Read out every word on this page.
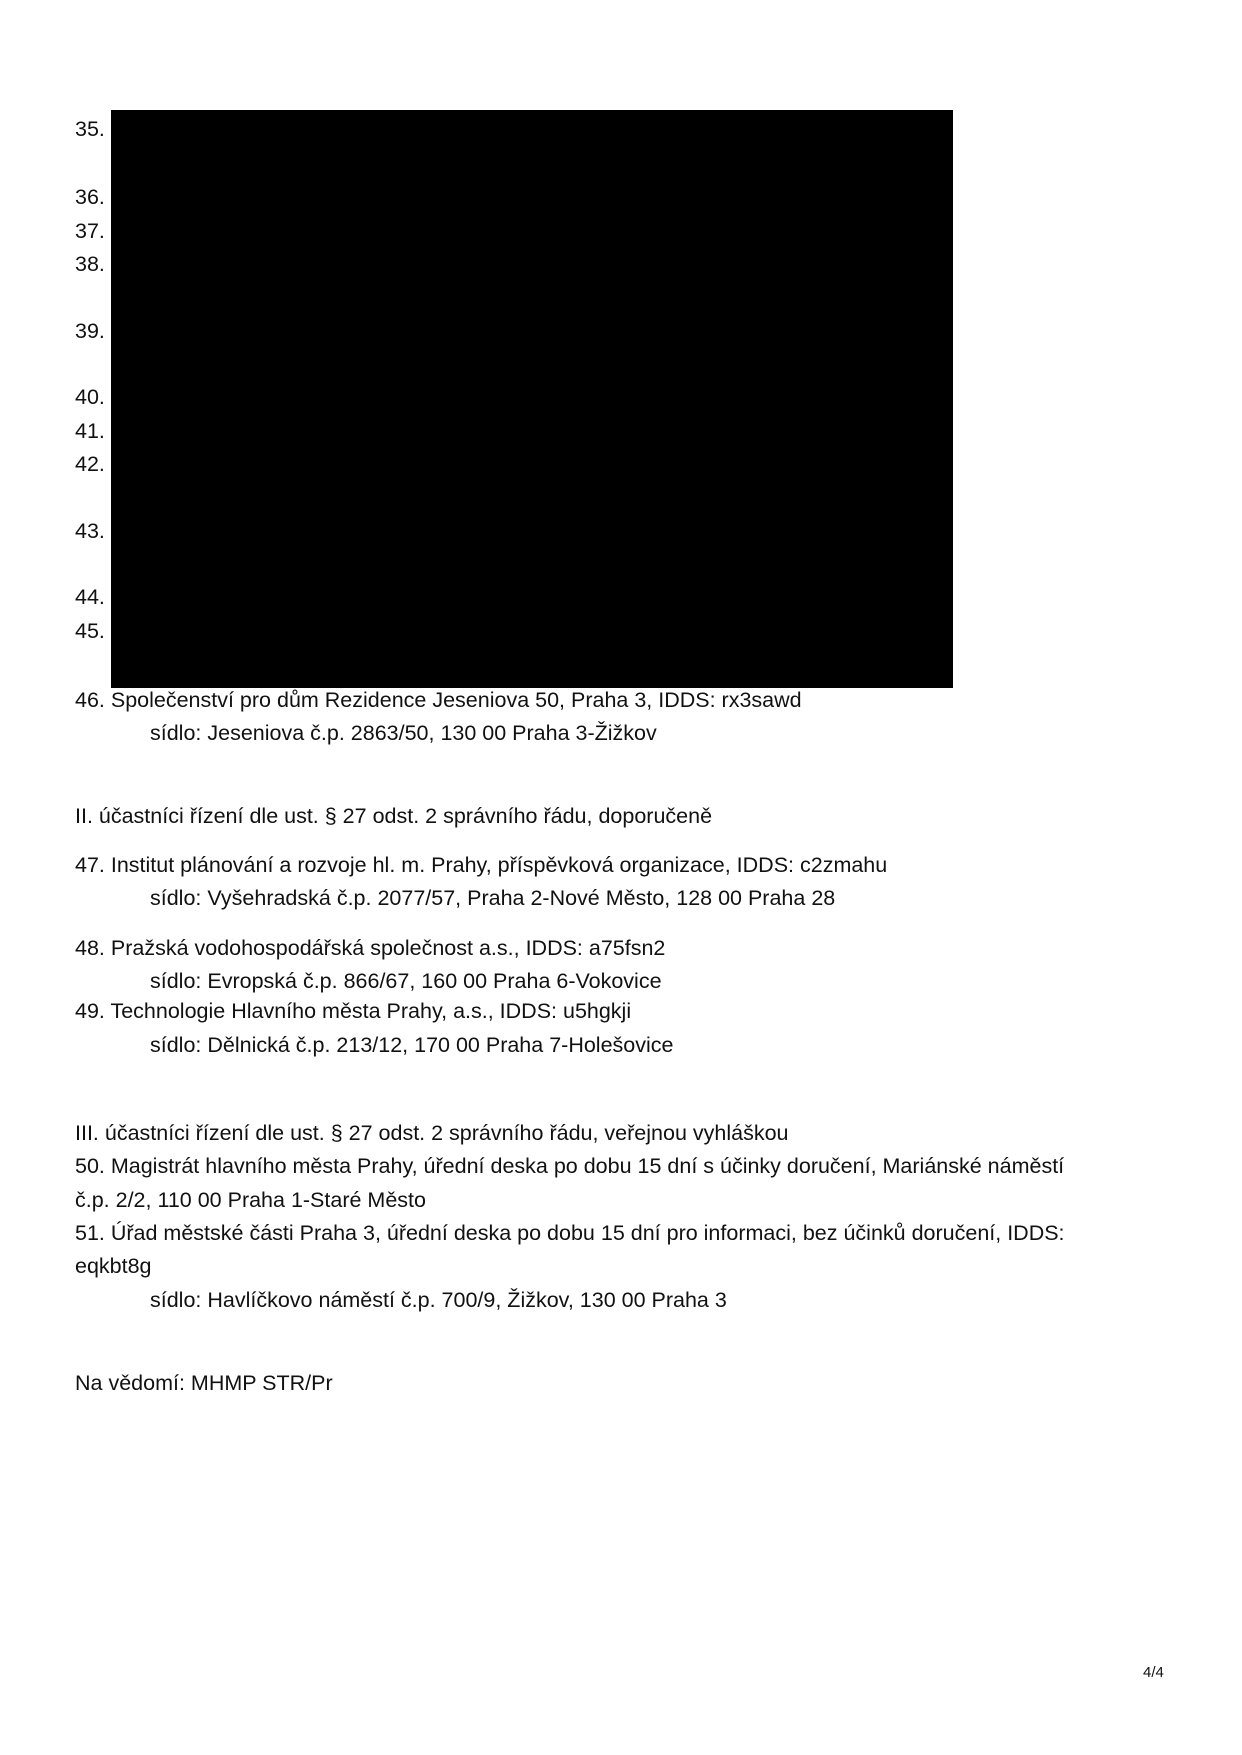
35.
36.
37.
38.
39.
40.
41.
42.
43.
44.
45.
46. Společenství pro dům Rezidence Jeseniova 50, Praha 3, IDDS: rx3sawd
sídlo: Jeseniova č.p. 2863/50, 130 00 Praha 3-Žižkov
II. účastníci řízení dle ust. § 27 odst. 2 správního řádu, doporučeně
47. Institut plánování a rozvoje hl. m. Prahy, příspěvková organizace, IDDS: c2zmahu
sídlo: Vyšehradská č.p. 2077/57, Praha 2-Nové Město, 128 00 Praha 28
48. Pražská vodohospodářská společnost a.s., IDDS: a75fsn2
sídlo: Evropská č.p. 866/67, 160 00 Praha 6-Vokovice
49. Technologie Hlavního města Prahy, a.s., IDDS: u5hgkji
sídlo: Dělnická č.p. 213/12, 170 00 Praha 7-Holešovice
III. účastníci řízení dle ust. § 27 odst. 2 správního řádu, veřejnou vyhláškou
50. Magistrát hlavního města Prahy, úřední deska po dobu 15 dní s účinky doručení, Mariánské náměstí
č.p. 2/2, 110 00 Praha 1-Staré Město
51. Úřad městské části Praha 3, úřední deska po dobu 15 dní pro informaci, bez účinků doručení, IDDS:
eqkbt8g
sídlo: Havlíčkovo náměstí č.p. 700/9, Žižkov, 130 00 Praha 3
Na vědomí: MHMP STR/Pr
4/4
